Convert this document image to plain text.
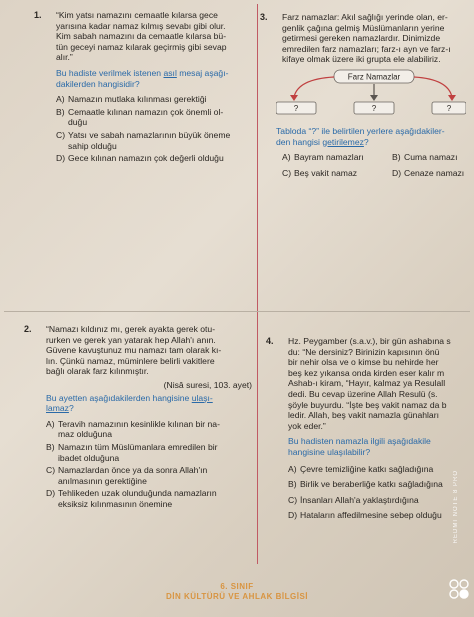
1. “Kim yatsı namazını cemaatle kılarsa gece

yarısına kadar namaz kılmış sevabı gibi olur.

Kim sabah namazını da cemaatle kılarsa bü-

tün geceyi namaz kılarak geçirmiş gibi sevap

alır.”

Bu hadiste verilmek istenen asıl mesaj aşağı-
dakilerden hangisidir?
A) Namazın mutlaka kılınması gerektiği
B) Cemaatle kılınan namazın çok önemli ol-
duğu
C) Yatsı ve sabah namazlarının büyük öneme
sahip olduğu
D) Gece kılınan namazın çok değerli olduğu
3. Farz namazlar: Akıl sağlığı yerinde olan, er-

genlik çağına gelmiş Müslümanların yerine

getirmesi gereken namazlardır. Dinimizde

emredilen farz namazları; farz-ı ayn ve farz-ı

kifaye olmak üzere iki grupta ele alabiliriz.

Farz Namazlar
?	?	?
Tabloda “?” ile belirtilen yerlere aşağıdakiler-
den hangisi getirilemez?
A) Bayram namazları	B) Cuma namazı
C) Beş vakit namaz	D) Cenaze namazı
2. “Namazı kıldınız mı, gerek ayakta gerek otu-

rurken ve gerek yan yatarak hep Allah'ı anın.

Güvene kavuştunuz mu namazı tam olarak kı-

lın. Çünkü namaz, müminlere belirli vakitlere

bağlı olarak farz kılınmıştır.

(Nisâ suresi, 103. ayet)
Bu ayetten aşağıdakilerden hangisine ulaşı-
lamaz?
A) Teravih namazının kesinlikle kılınan bir na-
maz olduğuna
B) Namazın tüm Müslümanlara emredilen bir
ibadet olduğuna
C) Namazlardan önce ya da sonra Allah'ın
anılmasının gerektiğine
D) Tehlikeden uzak olunduğunda namazların
eksiksiz kılınmasının önemine
4. Hz. Peygamber (s.a.v.), bir gün ashabına s

du: “Ne dersiniz? Birinizin kapısının önü

bir nehir olsa ve o kimse bu nehirde her

beş kez yıkansa onda kirden eser kalır m

Ashab-ı kiram, “Hayır, kalmaz ya Resulall

dedi. Bu cevap üzerine Allah Resulü (s.

şöyle buyurdu. “İşte beş vakit namaz da b

ledir. Allah, beş vakit namazla günahları

yok eder.”

Bu hadisten namazla ilgili aşağıdakile
hangisine ulaşılabilir?
A) Çevre temizliğine katkı sağladığına
B) Birlik ve beraberliğe katkı sağladığına
C) İnsanları Allah'a yaklaştırdığına
D) Hataların affedilmesine sebep olduğu
6. SINIF
DİN KÜLTÜRÜ VE AHLAK BİLGİSİ
REDMI NOTE 8 PRO
